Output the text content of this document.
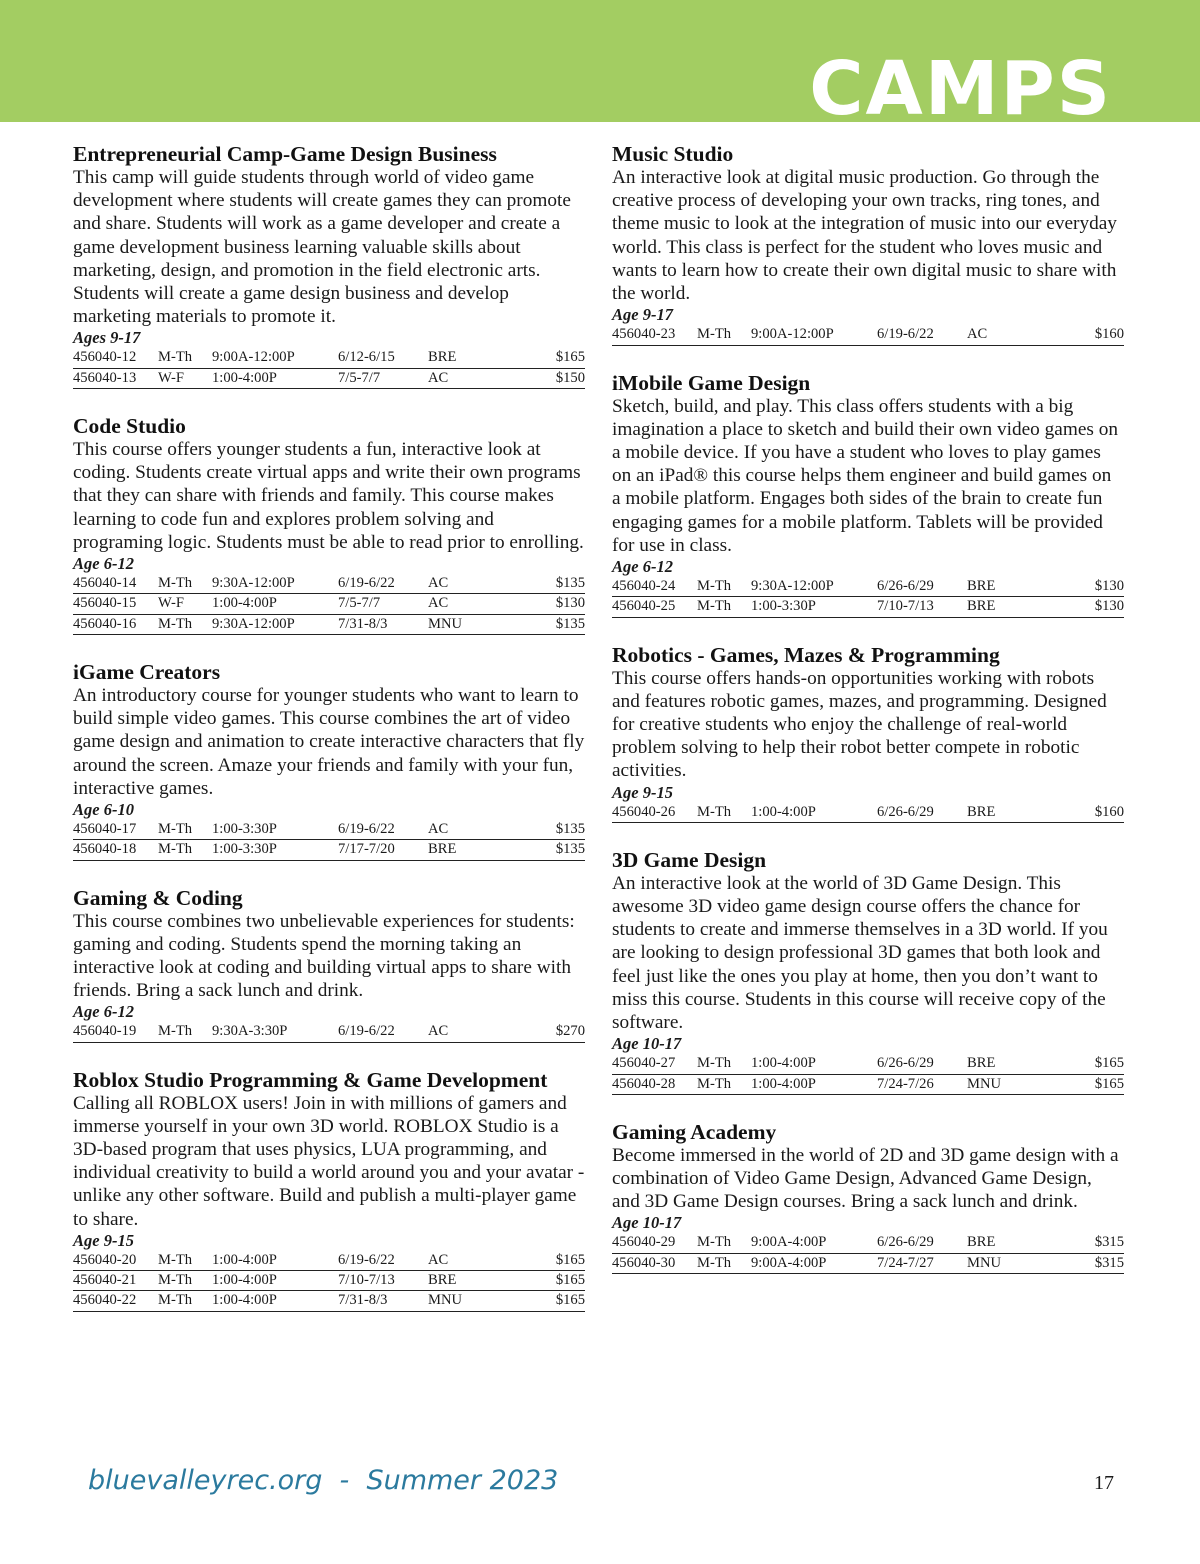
CAMPS
Entrepreneurial Camp-Game Design Business

This camp will guide students through world of video game development where students will create games they can promote and share. Students will work as a game developer and create a game development business learning valuable skills about marketing, design, and promotion in the field electronic arts. Students will create a game design business and develop marketing materials to promote it.

Ages 9-17
456040-12	M-Th	9:00A-12:00P	6/12-6/15	BRE	$165
456040-13	W-F	1:00-4:00P	7/5-7/7	AC	$150
Code Studio

This course offers younger students a fun, interactive look at coding. Students create virtual apps and write their own programs that they can share with friends and family. This course makes learning to code fun and explores problem solving and programing logic. Students must be able to read prior to enrolling.

Age 6-12
456040-14	M-Th	9:30A-12:00P	6/19-6/22	AC	$135
456040-15	W-F	1:00-4:00P	7/5-7/7	AC	$130
456040-16	M-Th	9:30A-12:00P	7/31-8/3	MNU	$135
iGame Creators

An introductory course for younger students who want to learn to build simple video games. This course combines the art of video game design and animation to create interactive characters that fly around the screen. Amaze your friends and family with your fun, interactive games.

Age 6-10
456040-17	M-Th	1:00-3:30P	6/19-6/22	AC	$135
456040-18	M-Th	1:00-3:30P	7/17-7/20	BRE	$135
Gaming & Coding

This course combines two unbelievable experiences for students: gaming and coding. Students spend the morning taking an interactive look at coding and building virtual apps to share with friends. Bring a sack lunch and drink.

Age 6-12
456040-19	M-Th	9:30A-3:30P	6/19-6/22	AC	$270
Roblox Studio Programming & Game Development

Calling all ROBLOX users! Join in with millions of gamers and immerse yourself in your own 3D world. ROBLOX Studio is a 3D-based program that uses physics, LUA programming, and individual creativity to build a world around you and your avatar - unlike any other software. Build and publish a multi-player game to share.

Age 9-15
456040-20	M-Th	1:00-4:00P	6/19-6/22	AC	$165
456040-21	M-Th	1:00-4:00P	7/10-7/13	BRE	$165
456040-22	M-Th	1:00-4:00P	7/31-8/3	MNU	$165
Music Studio

An interactive look at digital music production. Go through the creative process of developing your own tracks, ring tones, and theme music to look at the integration of music into our everyday world. This class is perfect for the student who loves music and wants to learn how to create their own digital music to share with the world.

Age 9-17
456040-23	M-Th	9:00A-12:00P	6/19-6/22	AC	$160
iMobile Game Design

Sketch, build, and play. This class offers students with a big imagination a place to sketch and build their own video games on a mobile device. If you have a student who loves to play games on an iPad® this course helps them engineer and build games on a mobile platform. Engages both sides of the brain to create fun engaging games for a mobile platform. Tablets will be provided for use in class.

Age 6-12
456040-24	M-Th	9:30A-12:00P	6/26-6/29	BRE	$130
456040-25	M-Th	1:00-3:30P	7/10-7/13	BRE	$130
Robotics - Games, Mazes & Programming

This course offers hands-on opportunities working with robots and features robotic games, mazes, and programming. Designed for creative students who enjoy the challenge of real-world problem solving to help their robot better compete in robotic activities.

Age 9-15
456040-26	M-Th	1:00-4:00P	6/26-6/29	BRE	$160
3D Game Design

An interactive look at the world of 3D Game Design. This awesome 3D video game design course offers the chance for students to create and immerse themselves in a 3D world. If you are looking to design professional 3D games that both look and feel just like the ones you play at home, then you don’t want to miss this course. Students in this course will receive copy of the software.

Age 10-17
456040-27	M-Th	1:00-4:00P	6/26-6/29	BRE	$165
456040-28	M-Th	1:00-4:00P	7/24-7/26	MNU	$165
Gaming Academy

Become immersed in the world of 2D and 3D game design with a combination of Video Game Design, Advanced Game Design, and 3D Game Design courses. Bring a sack lunch and drink.

Age 10-17
456040-29	M-Th	9:00A-4:00P	6/26-6/29	BRE	$315
456040-30	M-Th	9:00A-4:00P	7/24-7/27	MNU	$315
bluevalleyrec.org  -  Summer 2023	17
